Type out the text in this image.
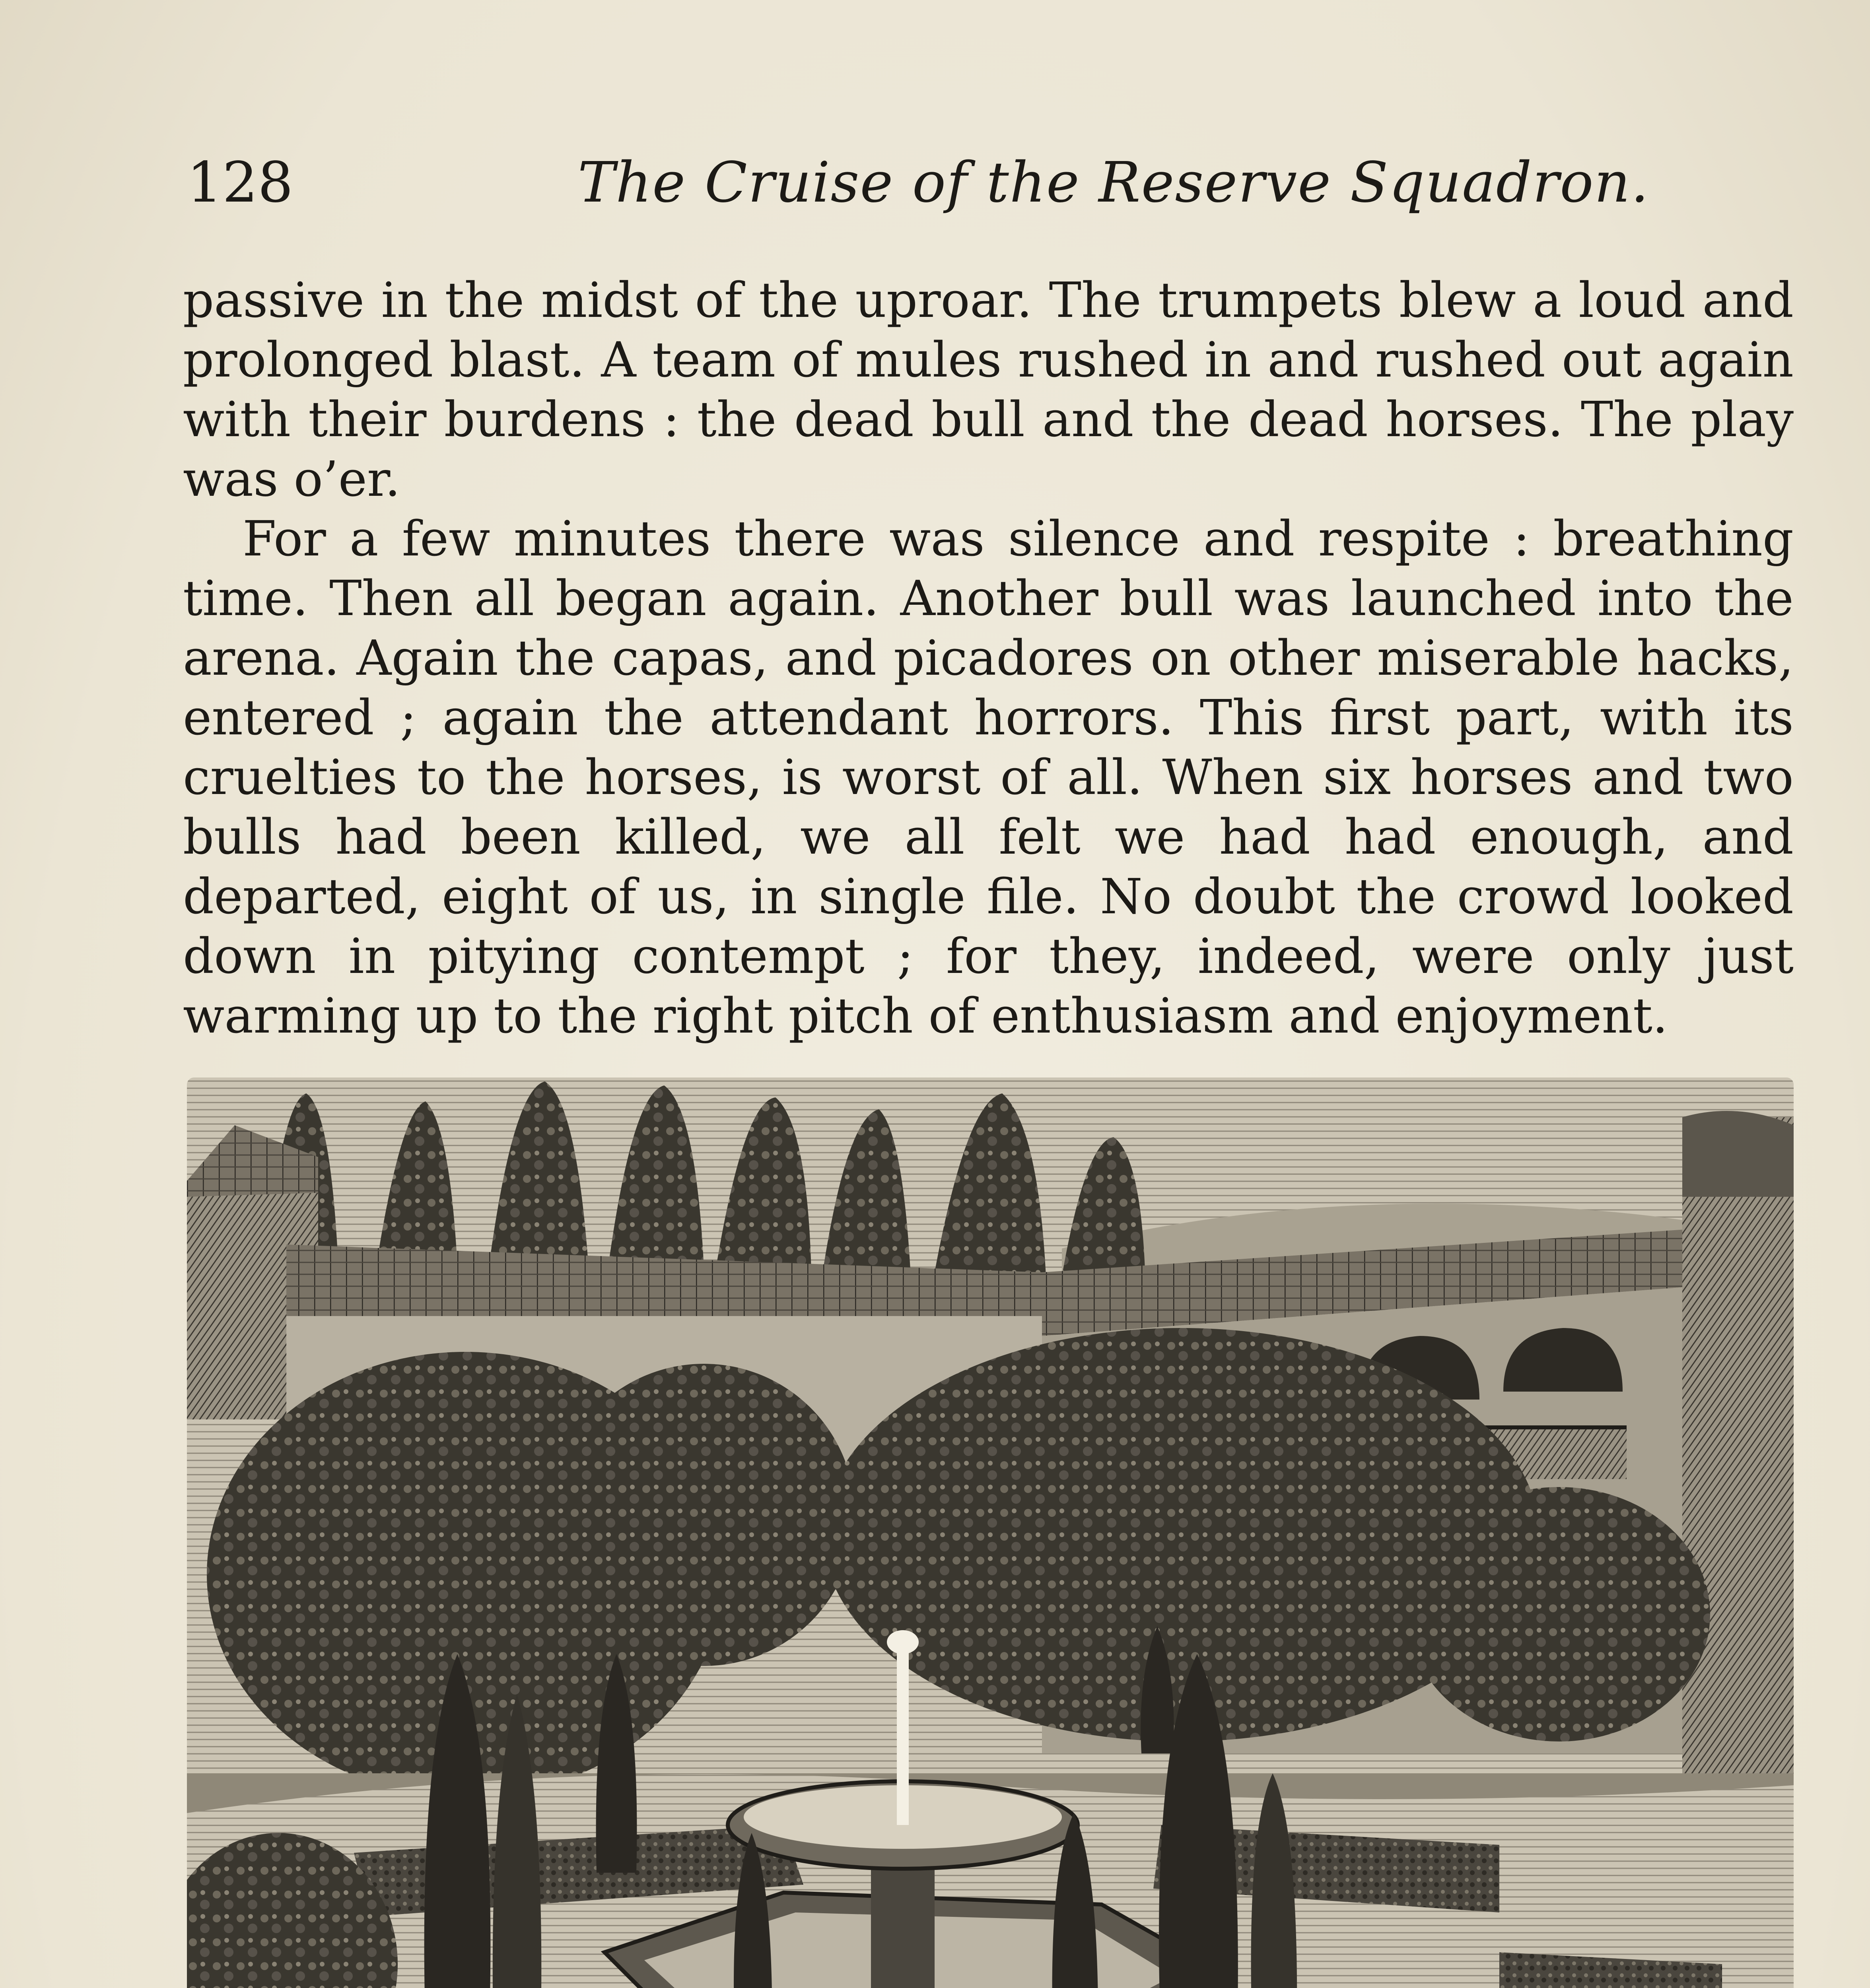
128	The Cruise of the Reserve Squadron.

passive in the midst of the uproar. The trumpets blew a loud and prolonged blast. A team of mules rushed in and rushed out again with their burdens : the dead bull and the dead horses. The play was o’er.

For a few minutes there was silence and respite : breathing time. Then all began again. Another bull was launched into the arena. Again the capas, and picadores on other miserable hacks, entered ; again the attendant horrors. This first part, with its cruelties to the horses, is worst of all. When six horses and two bulls had been killed, we all felt we had had enough, and departed, eight of us, in single file. No doubt the crowd looked down in pitying contempt ; for they, indeed, were only just warming up to the right pitch of enthusiasm and enjoyment.
